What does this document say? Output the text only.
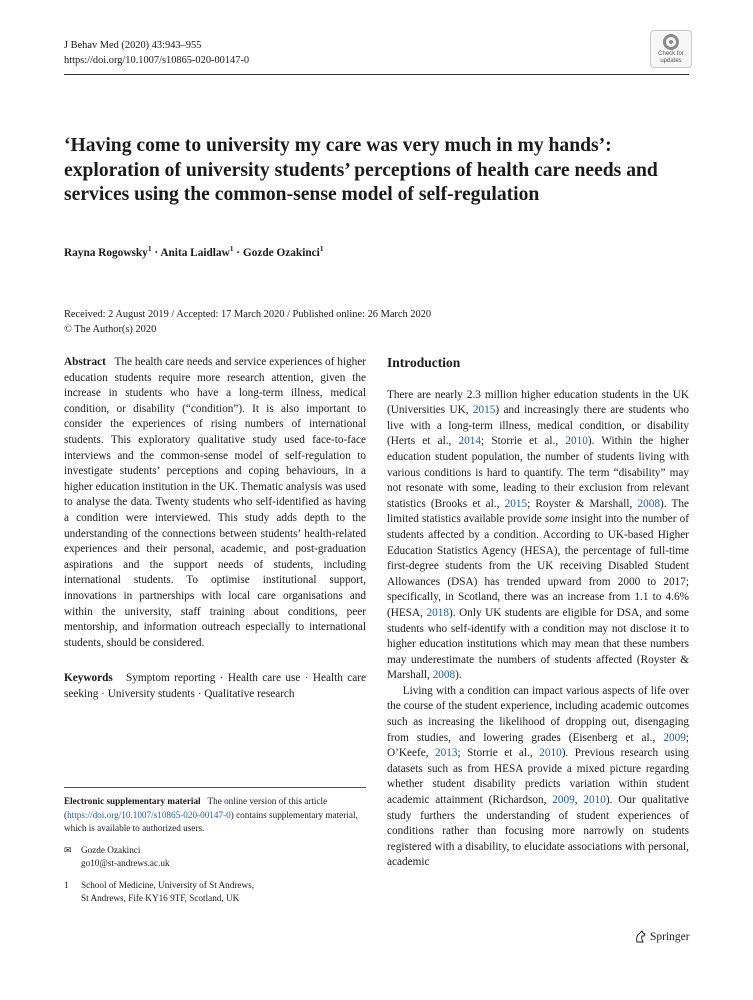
J Behav Med (2020) 43:943–955
https://doi.org/10.1007/s10865-020-00147-0
Check for
updates
‘Having come to university my care was very much in my hands’: exploration of university students’ perceptions of health care needs and services using the common-sense model of self-regulation
Rayna Rogowsky$^1$ · Anita Laidlaw$^1$ · Gozde Ozakinci$^1$
Received: 2 August 2019 / Accepted: 17 March 2020 / Published online: 26 March 2020
© The Author(s) 2020

Abstract The health care needs and service experiences of higher education students require more research attention, given the increase in students who have a long-term illness, medical condition, or disability (“condition”). It is also important to consider the experiences of rising numbers of international students. This exploratory qualitative study used face-to-face interviews and the common-sense model of self-regulation to investigate students’ perceptions and coping behaviours, in a higher education institution in the UK. Thematic analysis was used to analyse the data. Twenty students who self-identified as having a condition were interviewed. This study adds depth to the understanding of the connections between students’ health-related experiences and their personal, academic, and post-graduation aspirations and the support needs of students, including international students. To optimise institutional support, innovations in partnerships with local care organisations and within the university, staff training about conditions, peer mentorship, and information outreach especially to international students, should be considered.

Keywords Symptom reporting · Health care use · Health care seeking · University students · Qualitative research

Electronic supplementary material The online version of this article (https://doi.org/10.1007/s10865-020-00147-0) contains supplementary material, which is available to authorized users.
✉	Gozde Ozakinci
go10@st-andrews.ac.uk
1	School of Medicine, University of St Andrews,
St Andrews, Fife KY16 9TF, Scotland, UK
Introduction

There are nearly 2.3 million higher education students in the UK (Universities UK, 2015) and increasingly there are students who live with a long-term illness, medical condition, or disability (Herts et al., 2014; Storrie et al., 2010). Within the higher education student population, the number of students living with various conditions is hard to quantify. The term “disability” may not resonate with some, leading to their exclusion from relevant statistics (Brooks et al., 2015; Royster & Marshall, 2008). The limited statistics available provide some insight into the number of students affected by a condition. According to UK-based Higher Education Statistics Agency (HESA), the percentage of full-time first-degree students from the UK receiving Disabled Student Allowances (DSA) has trended upward from 2000 to 2017; specifically, in Scotland, there was an increase from 1.1 to 4.6% (HESA, 2018). Only UK students are eligible for DSA, and some students who self-identify with a condition may not disclose it to higher education institutions which may mean that these numbers may underestimate the numbers of students affected (Royster & Marshall, 2008).

Living with a condition can impact various aspects of life over the course of the student experience, including academic outcomes such as increasing the likelihood of dropping out, disengaging from studies, and lowering grades (Eisenberg et al., 2009; O’Keefe, 2013; Storrie et al., 2010). Previous research using datasets such as from HESA provide a mixed picture regarding whether student disability predicts variation within student academic attainment (Richardson, 2009, 2010). Our qualitative study furthers the understanding of student experiences of conditions rather than focusing more narrowly on students registered with a disability, to elucidate associations with personal, academic

Springer
